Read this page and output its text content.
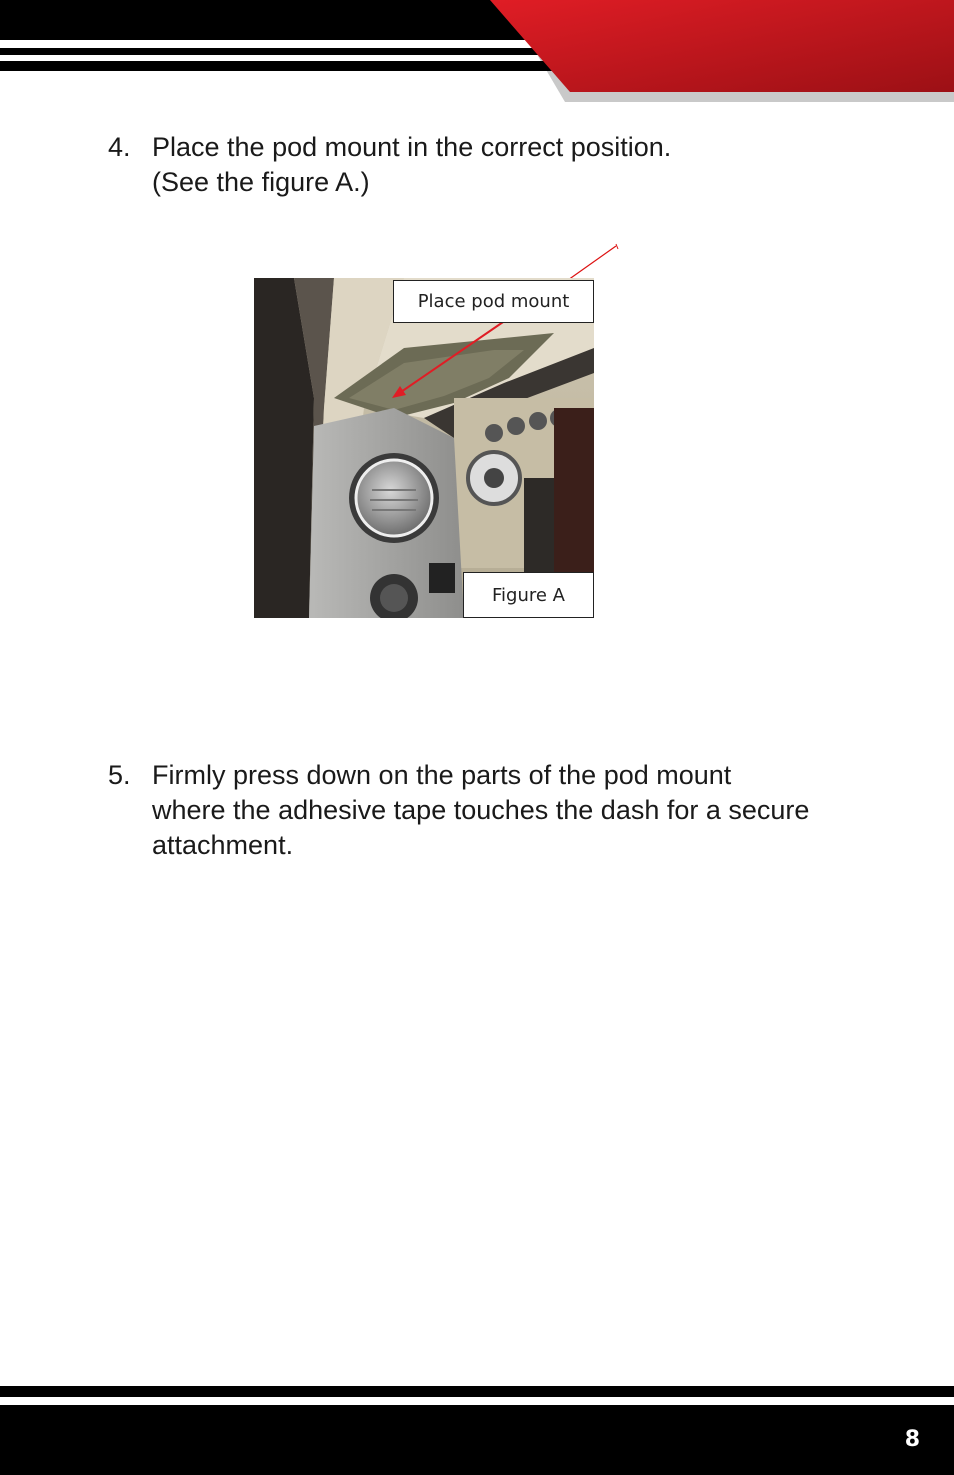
4. Place the pod mount in the correct position.
(See the figure A.)
Place pod mount
Figure A
5. Firmly press down on the parts of the pod mount
where the adhesive tape touches the dash for a secure
attachment.
8
